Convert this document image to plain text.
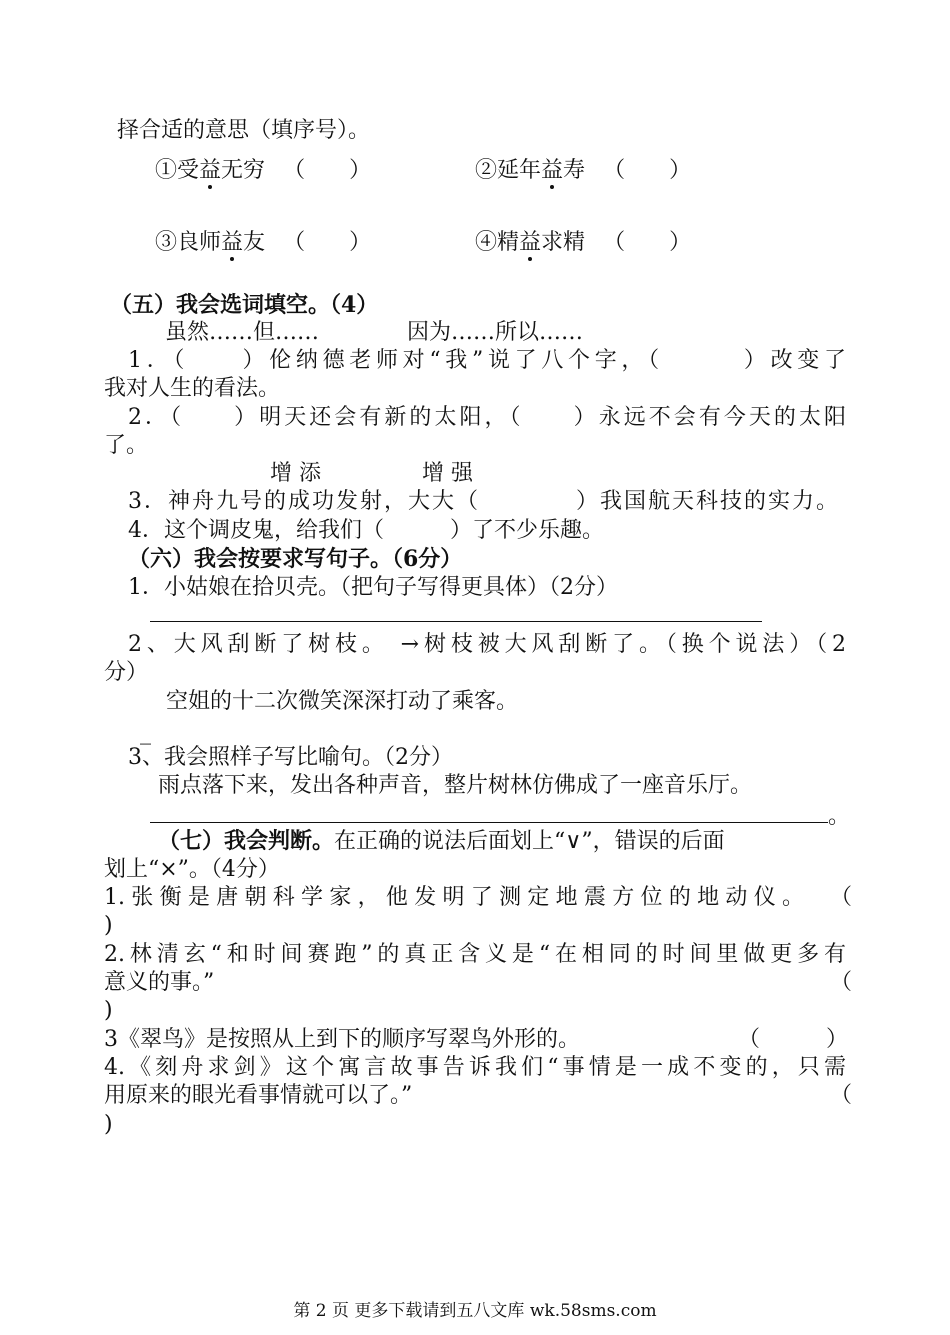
择合适的意思（填序号）。
①受益无穷 （　　）	②延年益寿 （　　）
③良师益友 （　　）	④精益求精 （　　）
（五）我会选词填空。（4）
虽然……但……	因为……所以……
1．（　　）伦纳德老师对“我”说了八个字，（　　　）改变了
我对人生的看法。
2．（　　）明天还会有新的太阳，（　　）永远不会有今天的太阳
了。
增 添	增 强
3．神舟九号的成功发射，大大（　　　　）我国航天科技的实力。
4．这个调皮鬼，给我们（　　　）了不少乐趣。
（六）我会按要求写句子。（6分）
1．小姑娘在拾贝壳。（把句子写得更具体）（2分）
2、大风刮断了树枝。 →树枝被大风刮断了。（换个说法）（2
分）
空姐的十二次微笑深深打动了乘客。
_
3、我会照样子写比喻句。（2分）
雨点落下来，发出各种声音，整片树林仿佛成了一座音乐厅。
。
（七）我会判断。在正确的说法后面划上“∨”，错误的后面
划上“×”。（4分）
1.张衡是唐朝科学家，他发明了测定地震方位的地动仪。 （
)
2.林清玄“和时间赛跑”的真正含义是“在相同的时间里做更多有
意义的事。”	（
)
3《翠鸟》是按照从上到下的顺序写翠鸟外形的。	（　　　）
4.《刻舟求剑》这个寓言故事告诉我们“事情是一成不变的，只需
用原来的眼光看事情就可以了。”	（
)
第 2 页 更多下载请到五八文库 wk.58sms.com
